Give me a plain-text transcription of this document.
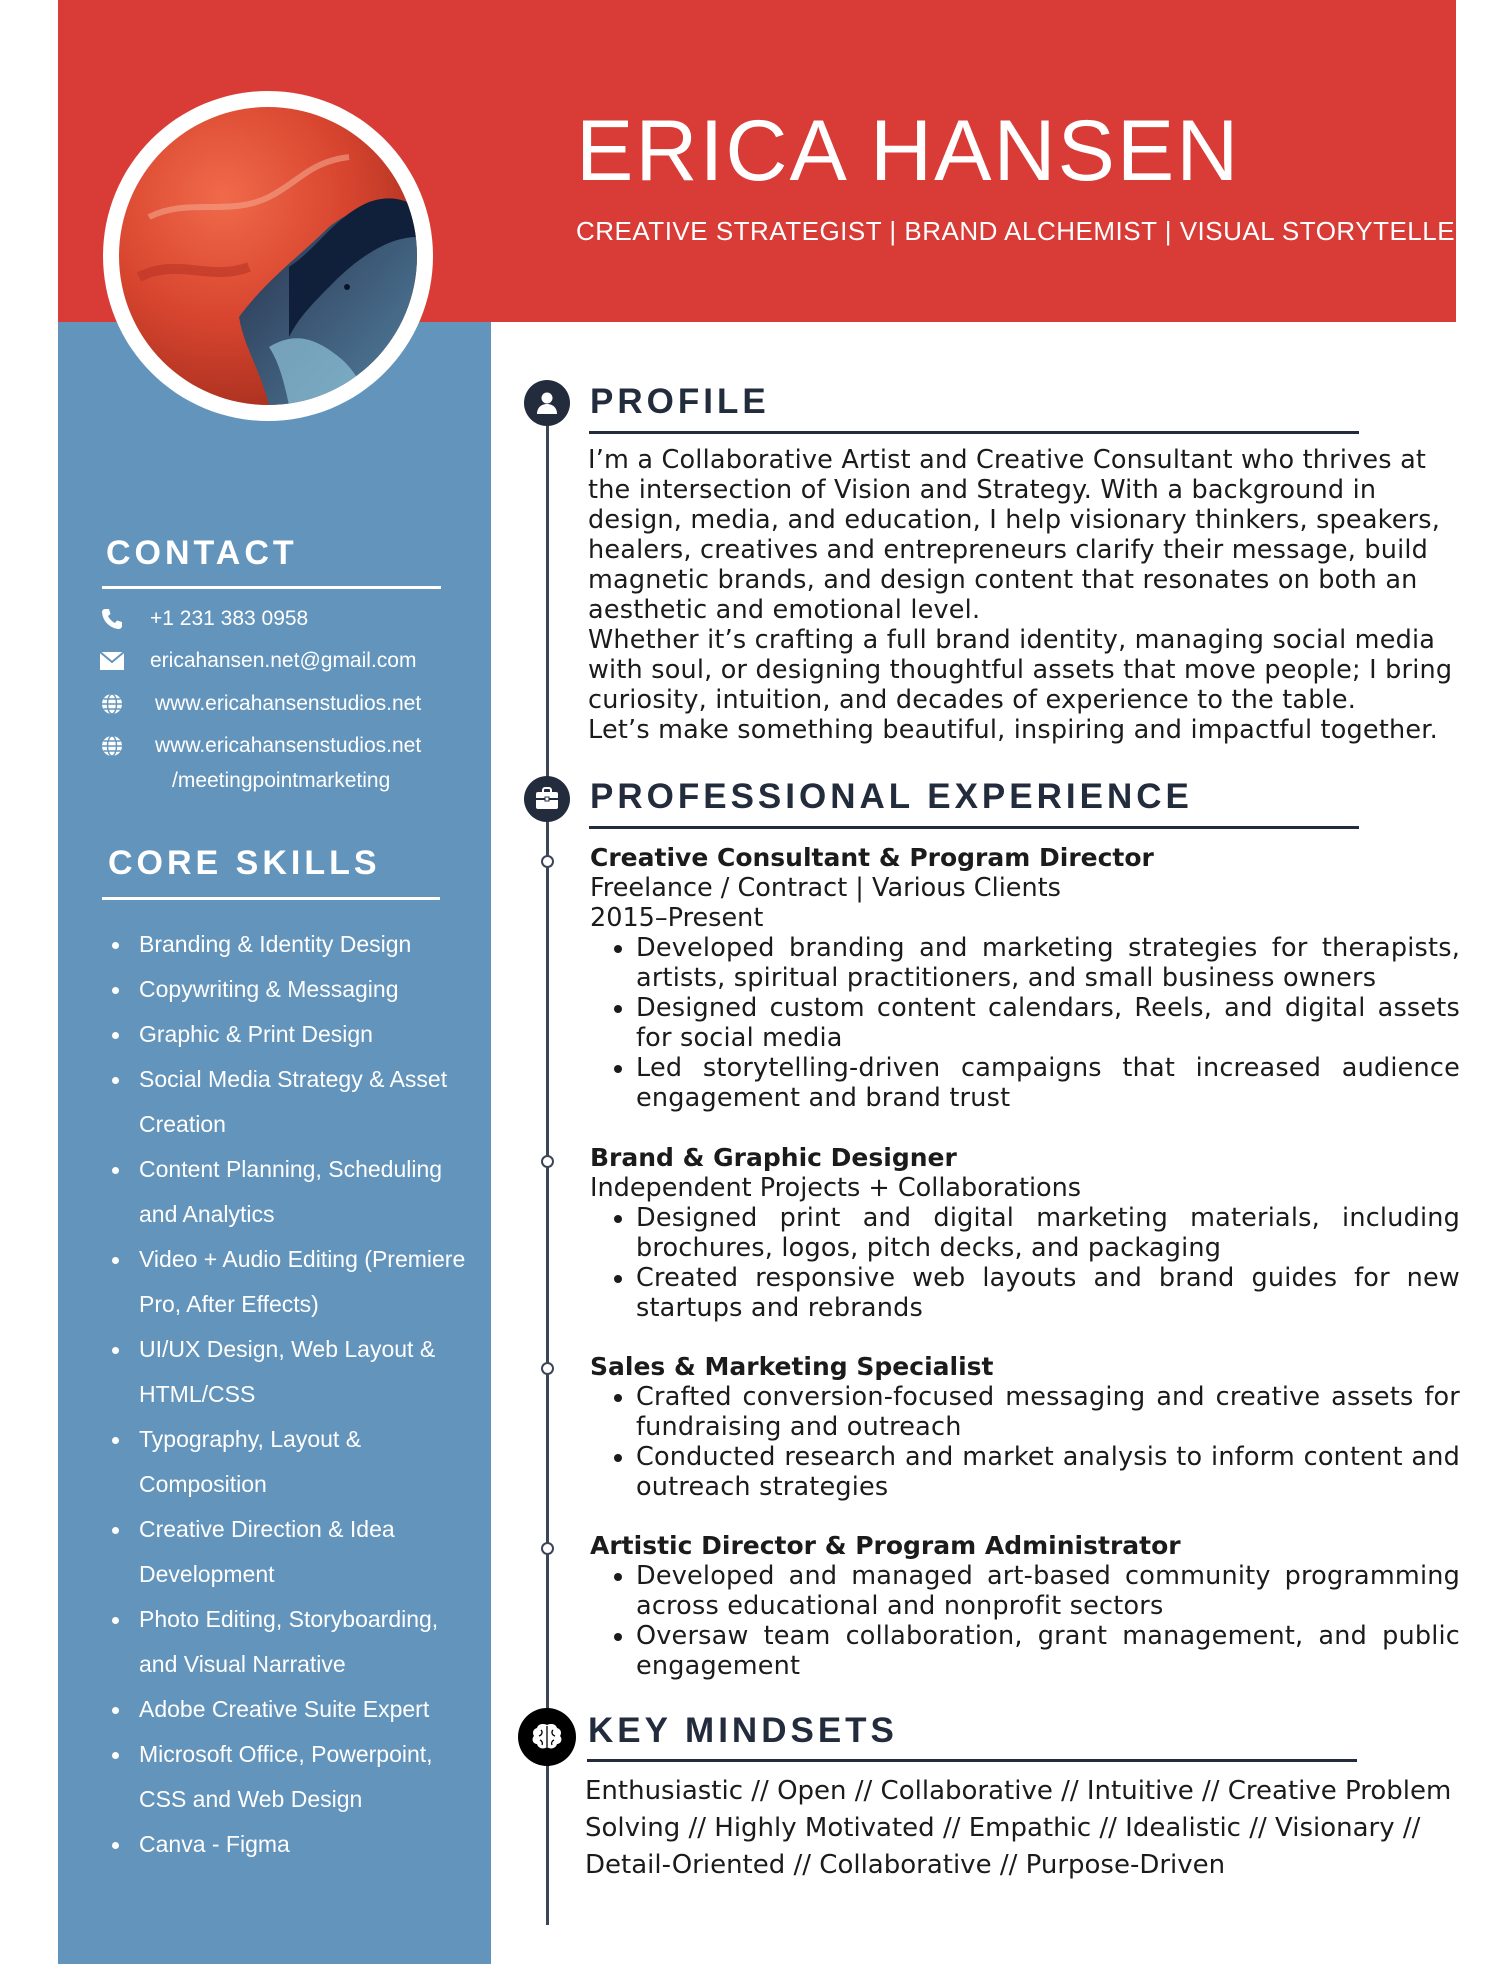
ERICA HANSEN
CREATIVE STRATEGIST | BRAND ALCHEMIST | VISUAL STORYTELLER
CONTACT
+1 231 383 0958
ericahansen.net@gmail.com
www.ericahansenstudios.net
www.ericahansenstudios.net
/meetingpointmarketing
CORE SKILLS
Branding & Identity Design
Copywriting & Messaging
Graphic & Print Design
Social Media Strategy & Asset Creation
Content Planning, Scheduling and Analytics
Video + Audio Editing (Premiere Pro, After Effects)
UI/UX Design, Web Layout & HTML/CSS
Typography, Layout & Composition
Creative Direction & Idea Development
Photo Editing, Storyboarding, and Visual Narrative
Adobe Creative Suite Expert
Microsoft Office, Powerpoint, CSS and Web Design
Canva - Figma
PROFILE

I’m a Collaborative Artist and Creative Consultant who thrives at the intersection of Vision and Strategy. With a background in design, media, and education, I help visionary thinkers, speakers, healers, creatives and entrepreneurs clarify their message, build magnetic brands, and design content that resonates on both an aesthetic and emotional level.

Whether it’s crafting a full brand identity, managing social media with soul, or designing thoughtful assets that move people; I bring curiosity, intuition, and decades of experience to the table.

Let’s make something beautiful, inspiring and impactful together.

PROFESSIONAL EXPERIENCE
Creative Consultant & Program Director
Freelance / Contract | Various Clients
2015–Present
• Developed branding and marketing strategies for therapists, artists, spiritual practitioners, and small business owners
• Designed custom content calendars, Reels, and digital assets for social media
• Led storytelling-driven campaigns that increased audience engagement and brand trust
Brand & Graphic Designer
Independent Projects + Collaborations
• Designed print and digital marketing materials, including brochures, logos, pitch decks, and packaging
• Created responsive web layouts and brand guides for new startups and rebrands
Sales & Marketing Specialist
• Crafted conversion-focused messaging and creative assets for fundraising and outreach
• Conducted research and market analysis to inform content and outreach strategies
Artistic Director & Program Administrator
• Developed and managed art-based community programming across educational and nonprofit sectors
• Oversaw team collaboration, grant management, and public engagement
KEY MINDSETS
Enthusiastic // Open // Collaborative // Intuitive // Creative Problem
Solving // Highly Motivated // Empathic // Idealistic // Visionary //
Detail-Oriented // Collaborative // Purpose-Driven
